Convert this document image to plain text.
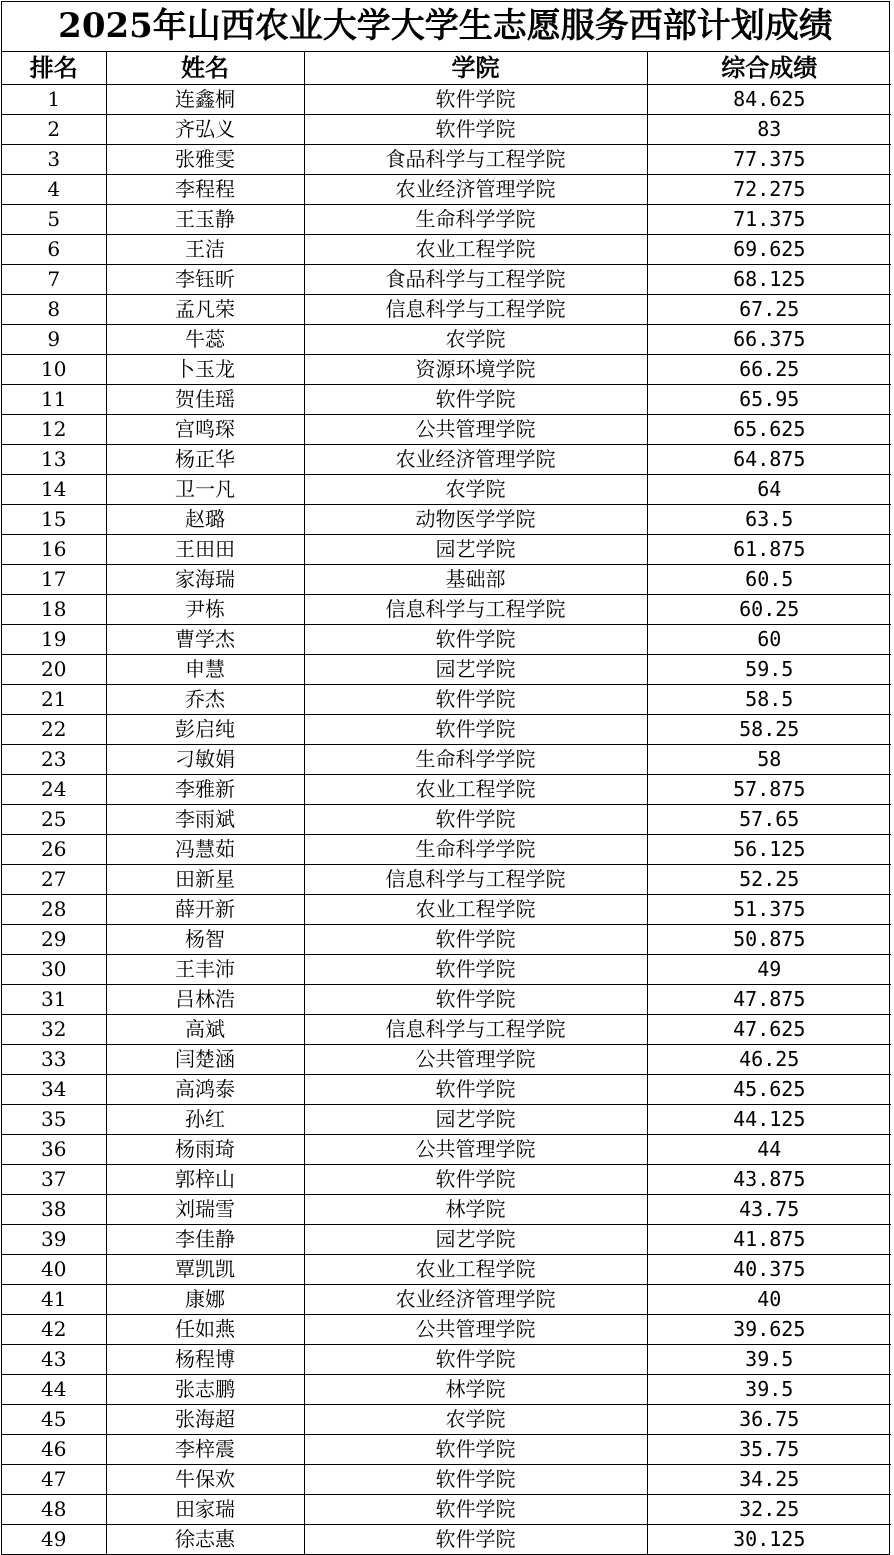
2025年山西农业大学大学生志愿服务西部计划成绩
排名	姓名	学院	综合成绩
1	连鑫桐	软件学院	84.625
2	齐弘义	软件学院	83
3	张雅雯	食品科学与工程学院	77.375
4	李程程	农业经济管理学院	72.275
5	王玉静	生命科学学院	71.375
6	王洁	农业工程学院	69.625
7	李钰昕	食品科学与工程学院	68.125
8	孟凡荣	信息科学与工程学院	67.25
9	牛蕊	农学院	66.375
10	卜玉龙	资源环境学院	66.25
11	贺佳瑶	软件学院	65.95
12	宫鸣琛	公共管理学院	65.625
13	杨正华	农业经济管理学院	64.875
14	卫一凡	农学院	64
15	赵璐	动物医学学院	63.5
16	王田田	园艺学院	61.875
17	家海瑞	基础部	60.5
18	尹栋	信息科学与工程学院	60.25
19	曹学杰	软件学院	60
20	申慧	园艺学院	59.5
21	乔杰	软件学院	58.5
22	彭启纯	软件学院	58.25
23	刁敏娟	生命科学学院	58
24	李雅新	农业工程学院	57.875
25	李雨斌	软件学院	57.65
26	冯慧茹	生命科学学院	56.125
27	田新星	信息科学与工程学院	52.25
28	薛开新	农业工程学院	51.375
29	杨智	软件学院	50.875
30	王丰沛	软件学院	49
31	吕林浩	软件学院	47.875
32	高斌	信息科学与工程学院	47.625
33	闫楚涵	公共管理学院	46.25
34	高鸿泰	软件学院	45.625
35	孙红	园艺学院	44.125
36	杨雨琦	公共管理学院	44
37	郭梓山	软件学院	43.875
38	刘瑞雪	林学院	43.75
39	李佳静	园艺学院	41.875
40	覃凯凯	农业工程学院	40.375
41	康娜	农业经济管理学院	40
42	任如燕	公共管理学院	39.625
43	杨程博	软件学院	39.5
44	张志鹏	林学院	39.5
45	张海超	农学院	36.75
46	李梓震	软件学院	35.75
47	牛保欢	软件学院	34.25
48	田家瑞	软件学院	32.25
49	徐志惠	软件学院	30.125
